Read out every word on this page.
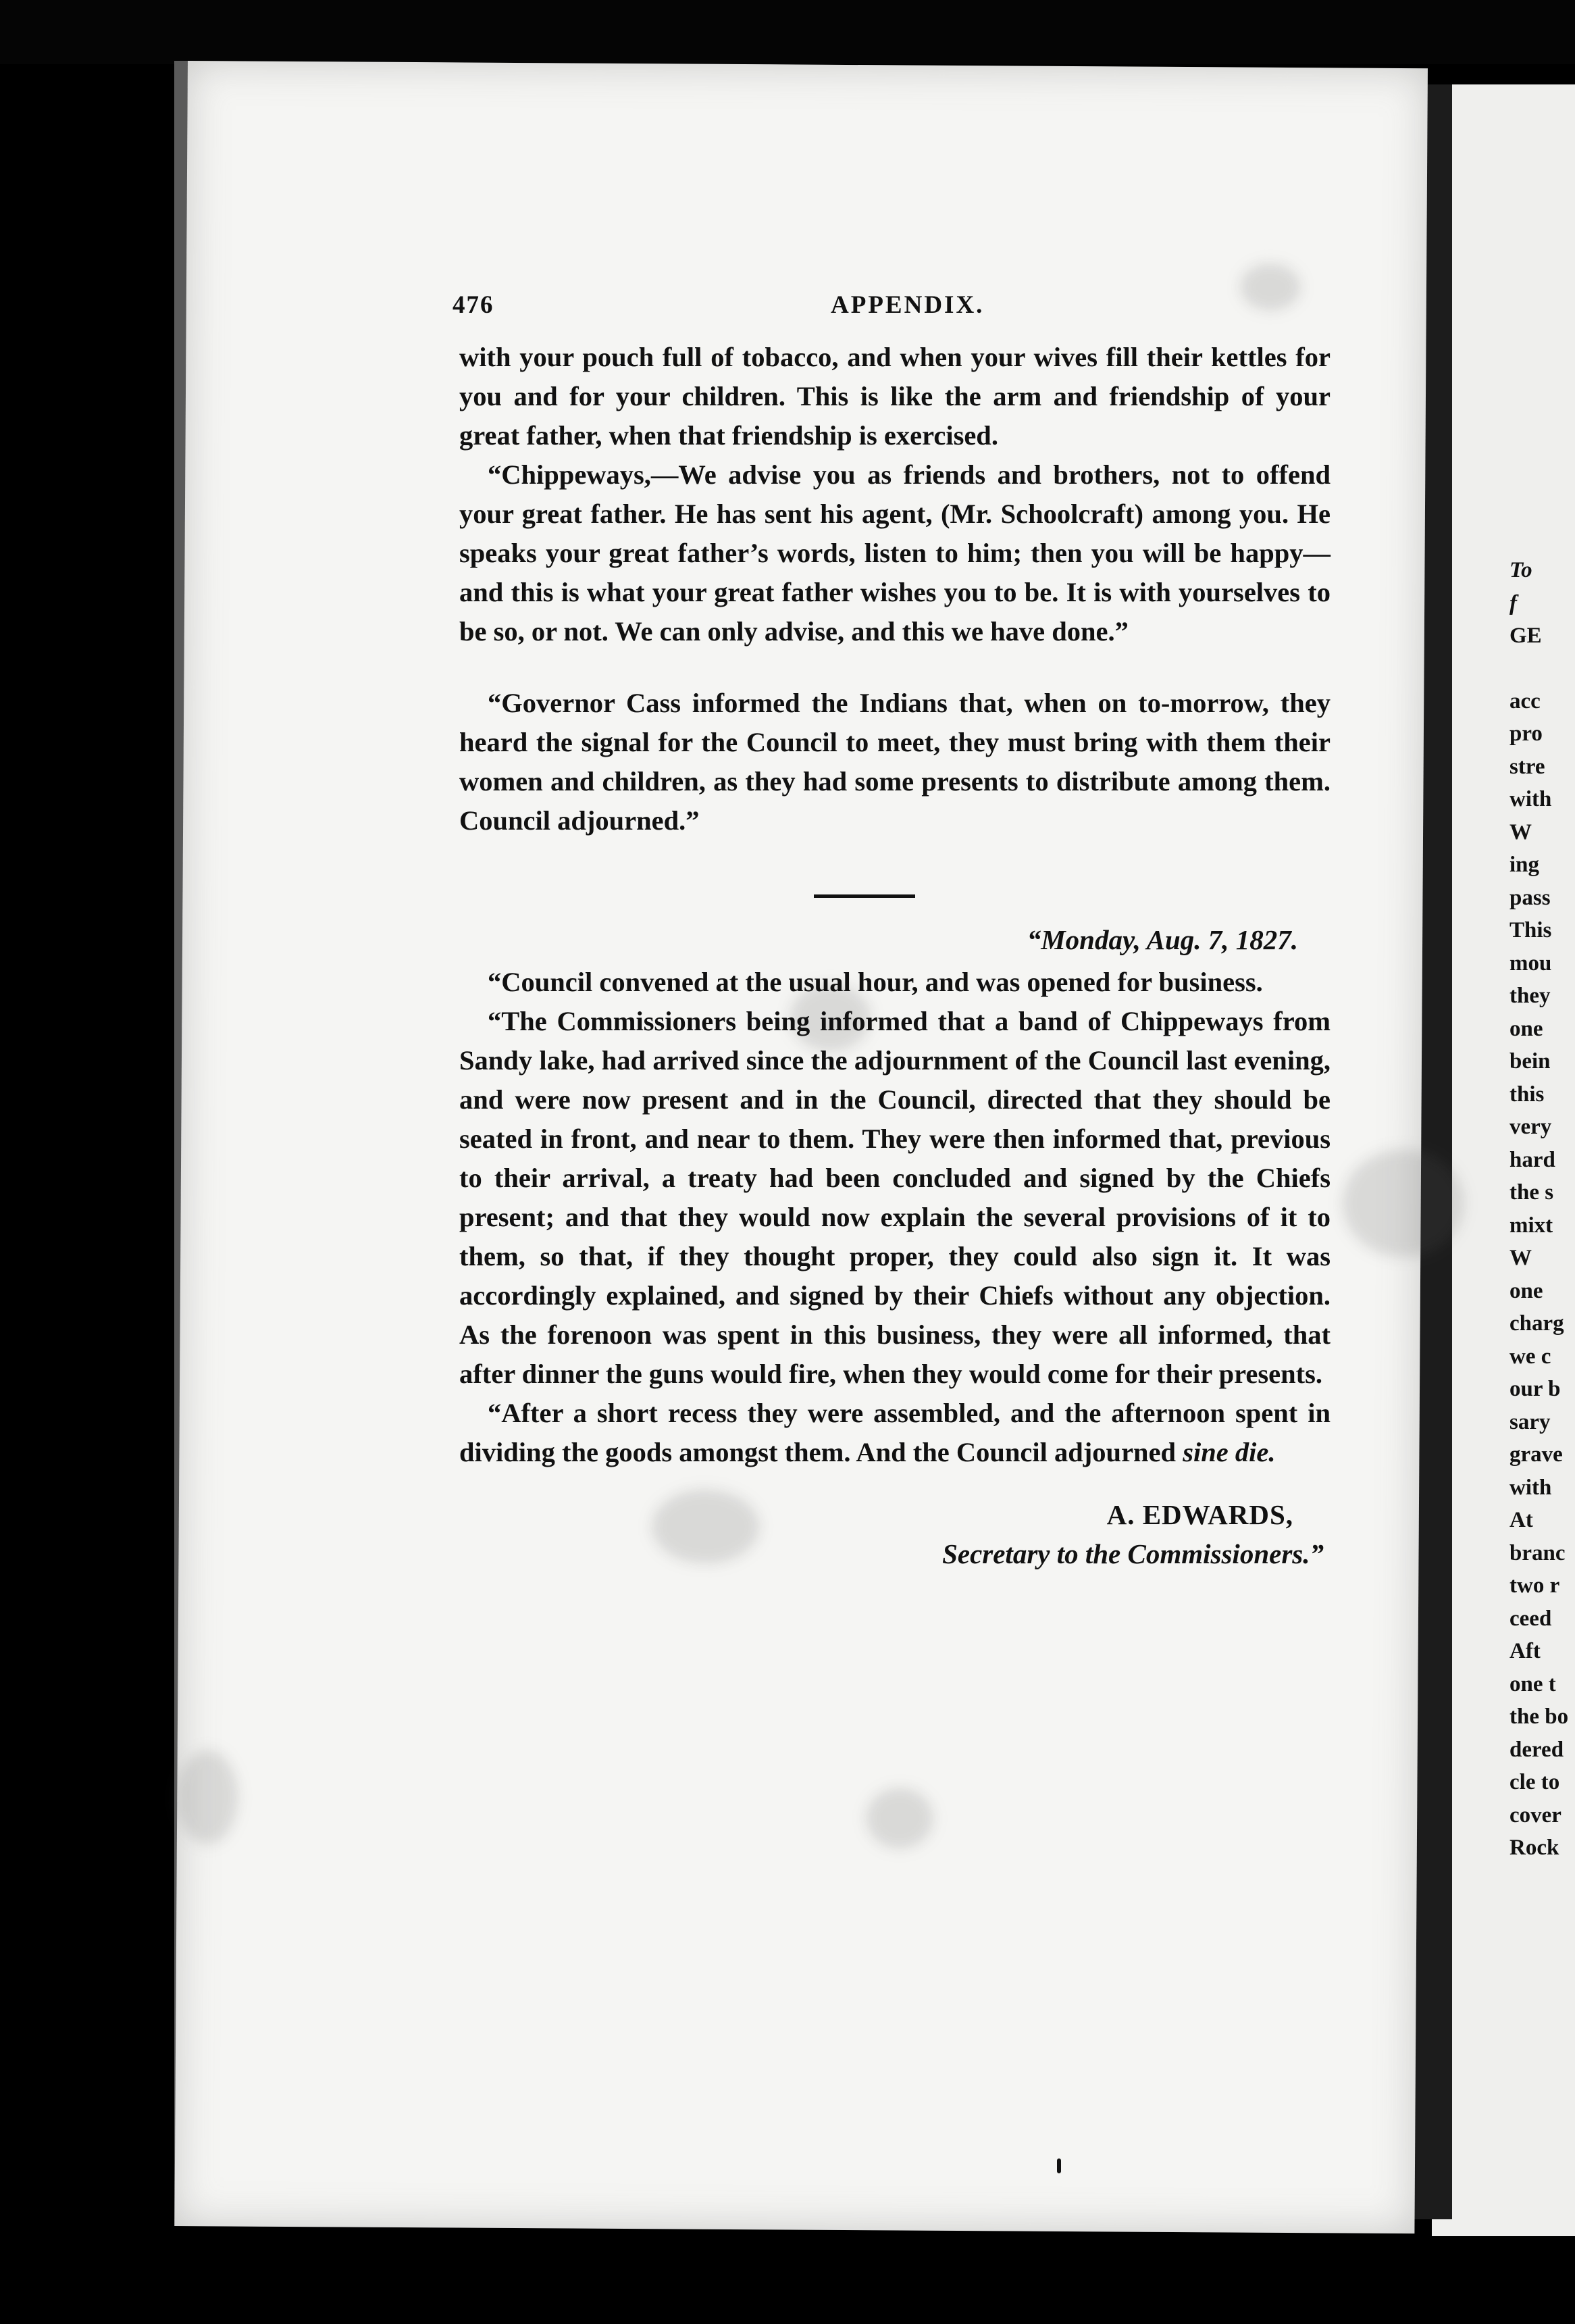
To
f
GE
acc
pro
stre
with
W
ing
pass
This
mou
they
one
bein
this
very
hard
the s
mixt
W
one
charg
we c
our b
sary
grave
with
At
branc
two r
ceed
Aft
one t
the bo
dered
cle to
cover
Rock
476	APPENDIX.

with your pouch full of tobacco, and when your wives fill their kettles for you and for your children. This is like the arm and friendship of your great father, when that friendship is exercised.

“Chippeways,—We advise you as friends and brothers, not to offend your great father. He has sent his agent, (Mr. Schoolcraft) among you. He speaks your great father’s words, listen to him; then you will be happy—and this is what your great father wishes you to be. It is with yourselves to be so, or not. We can only advise, and this we have done.”

“Governor Cass informed the Indians that, when on to-morrow, they heard the signal for the Council to meet, they must bring with them their women and children, as they had some presents to distribute among them. Council adjourned.”

“Monday, Aug. 7, 1827.

“Council convened at the usual hour, and was opened for business.

“The Commissioners being informed that a band of Chippeways from Sandy lake, had arrived since the adjournment of the Council last evening, and were now present and in the Council, directed that they should be seated in front, and near to them. They were then informed that, previous to their arrival, a treaty had been concluded and signed by the Chiefs present; and that they would now explain the several provisions of it to them, so that, if they thought proper, they could also sign it. It was accordingly explained, and signed by their Chiefs without any objection. As the forenoon was spent in this business, they were all informed, that after dinner the guns would fire, when they would come for their presents.

“After a short recess they were assembled, and the afternoon spent in dividing the goods amongst them. And the Council adjourned sine die.

A. EDWARDS,
Secretary to the Commissioners.”
